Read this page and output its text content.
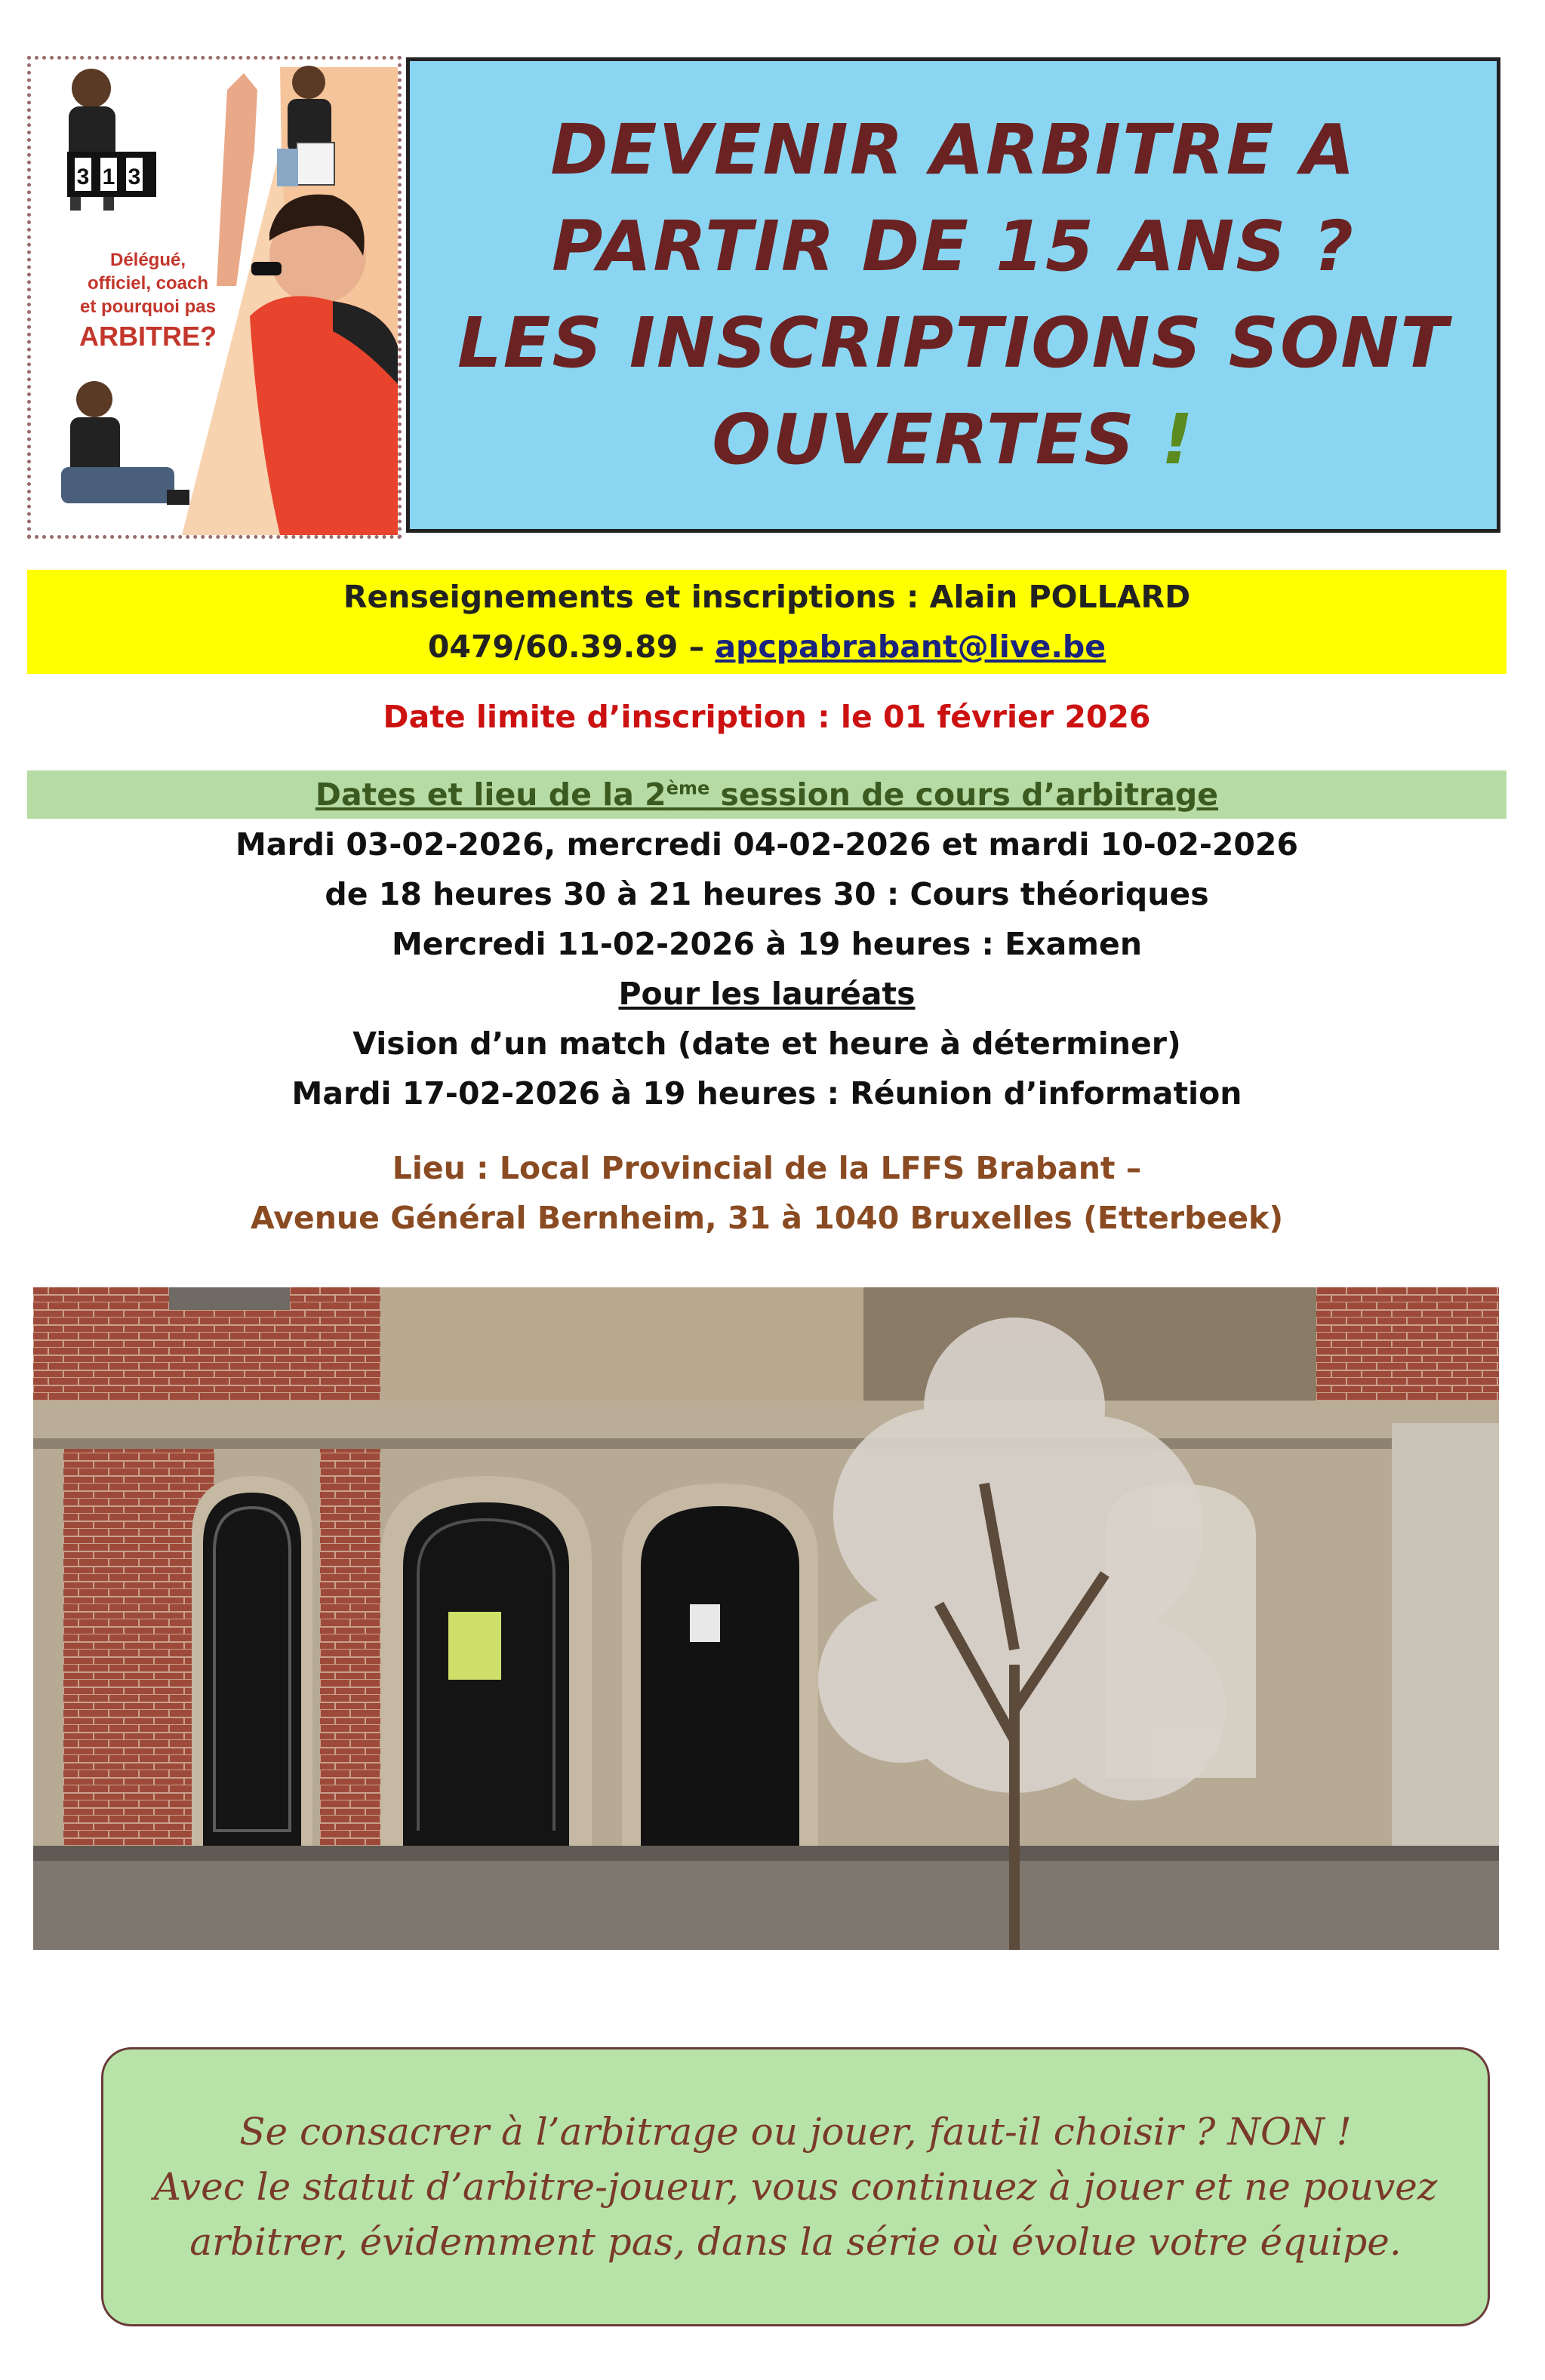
3 1 3
Délégué,
officiel, coach
et pourquoi pas
ARBITRE?
DEVENIR ARBITRE A
PARTIR DE 15 ANS ?
LES INSCRIPTIONS SONT
OUVERTES !
Renseignements et inscriptions : Alain POLLARD
0479/60.39.89 – apcpabrabant@live.be
Date limite d’inscription : le 01 février 2026
Dates et lieu de la 2ème session de cours d’arbitrage
Mardi 03-02-2026, mercredi 04-02-2026 et mardi 10-02-2026
de 18 heures 30 à 21 heures 30 : Cours théoriques
Mercredi 11-02-2026 à 19 heures : Examen
Pour les lauréats
Vision d’un match (date et heure à déterminer)
Mardi 17-02-2026 à 19 heures : Réunion d’information
Lieu : Local Provincial de la LFFS Brabant –
Avenue Général Bernheim, 31 à 1040 Bruxelles (Etterbeek)

Se consacrer à l’arbitrage ou jouer, faut-il choisir ? NON !
Avec le statut d’arbitre-joueur, vous continuez à jouer et ne pouvez
arbitrer, évidemment pas, dans la série où évolue votre équipe.
